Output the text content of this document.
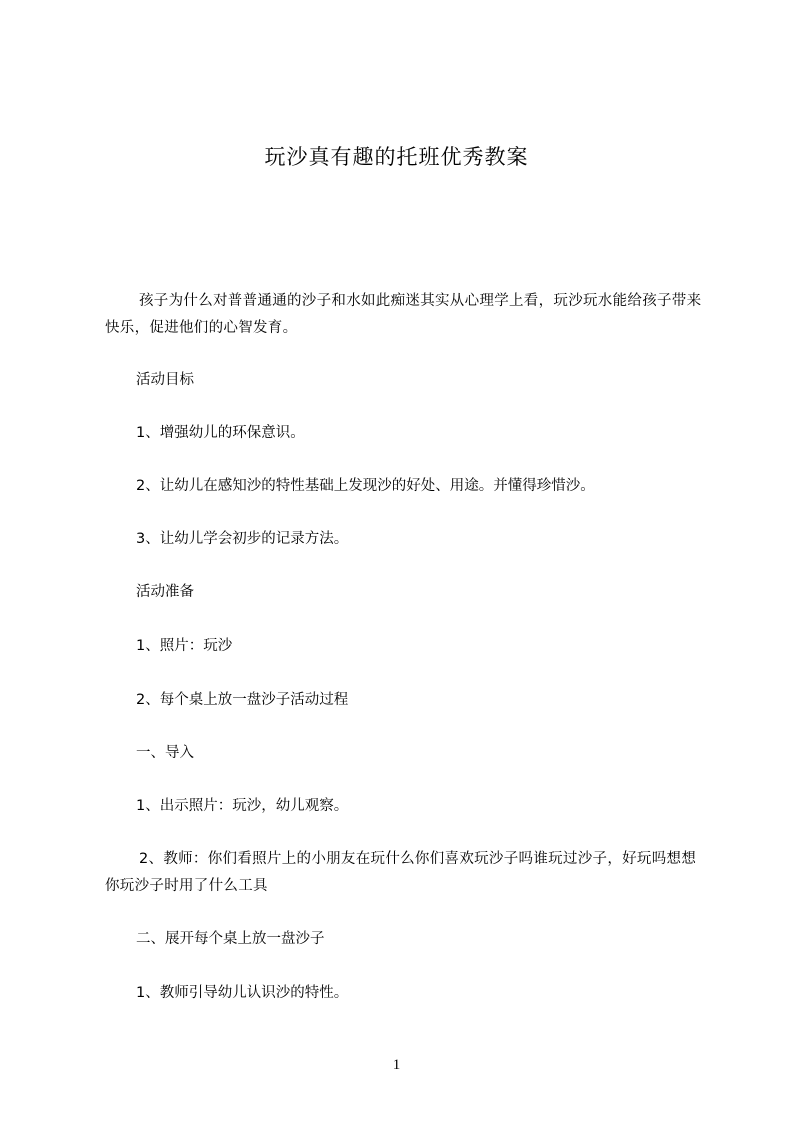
玩沙真有趣的托班优秀教案
孩子为什么对普普通通的沙子和水如此痴迷其实从心理学上看，玩沙玩水能给孩子带来快乐，促进他们的心智发育。
活动目标
1、增强幼儿的环保意识。
2、让幼儿在感知沙的特性基础上发现沙的好处、用途。并懂得珍惜沙。
3、让幼儿学会初步的记录方法。
活动准备
1、照片：玩沙
2、每个桌上放一盘沙子活动过程
一、导入
1、出示照片：玩沙，幼儿观察。
2、教师：你们看照片上的小朋友在玩什么你们喜欢玩沙子吗谁玩过沙子，好玩吗想想你玩沙子时用了什么工具
二、展开每个桌上放一盘沙子
1、教师引导幼儿认识沙的特性。
1
